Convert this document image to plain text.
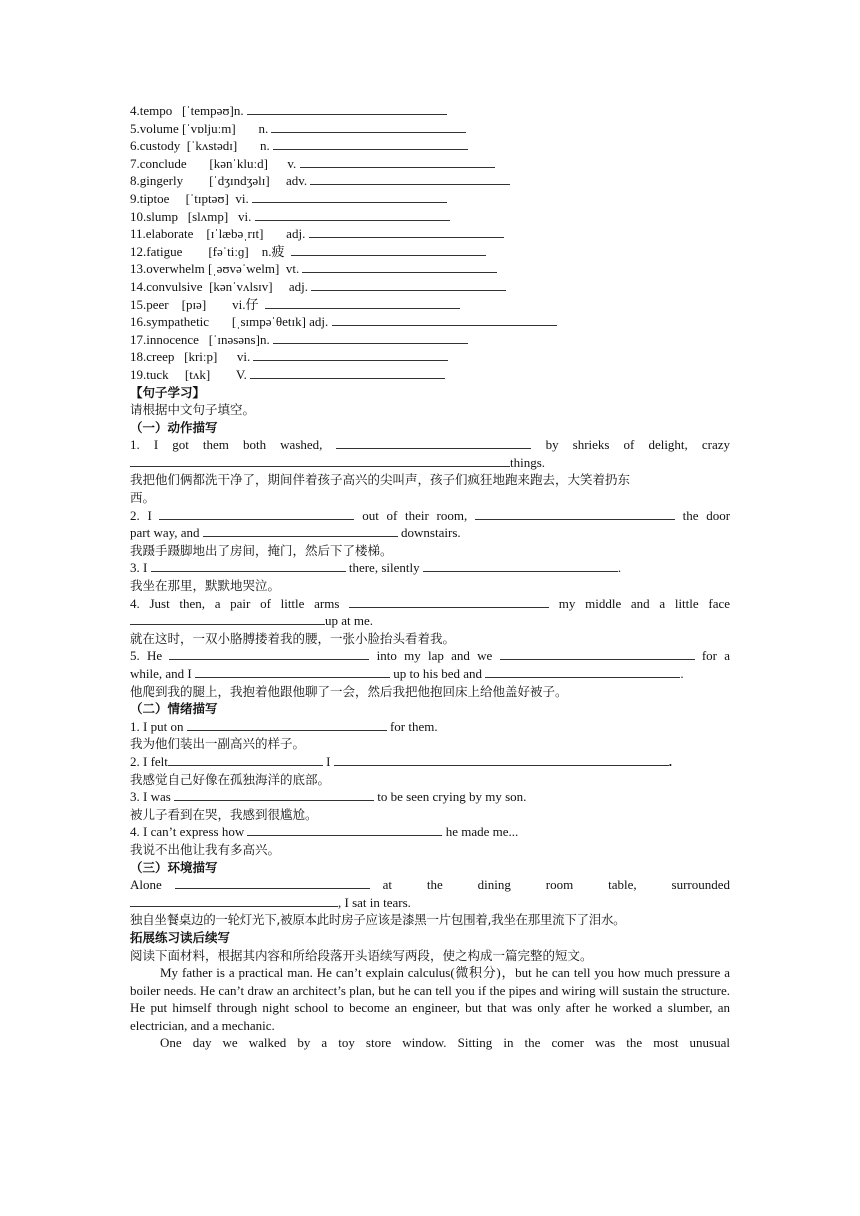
4.tempo   [ˈtempəʊ]n.
5.volume [ˈvɒljuːm]       n.
6.custody  [ˈkʌstədɪ]       n.
7.conclude       [kənˈkluːd]      v.
8.gingerly        [ˈdʒɪndʒəlɪ]     adv.
9.tiptoe     [ˈtɪptəʊ]  vi.
10.slump   [slʌmp]   vi.
11.elaborate    [ɪˈlæbəˌrɪt]       adj.
12.fatigue        [fəˈtiːɡ]    n.疲
13.overwhelm [ˌəʊvəˈwelm]  vt.
14.convulsive  [kənˈvʌlsɪv]     adj.
15.peer    [pɪə]        vi.仔
16.sympathetic       [ˌsɪmpəˈθetɪk] adj.
17.innocence   [ˈɪnəsəns]n.
18.creep   [kriːp]      vi.
19.tuck     [tʌk]        V.
【句子学习】
请根据中文句子填空。
（一）动作描写
1. I got them both washed,	by shrieks of delight, crazy
things.
我把他们俩都洗干净了，期间伴着孩子高兴的尖叫声，孩子们疯狂地跑来跑去，大笑着扔东
西。
2. I	out of their room,	the door
part way, and	downstairs.
我蹑手蹑脚地出了房间，掩门，然后下了楼梯。
3. I	there, silently	.
我坐在那里，默默地哭泣。
4. Just then, a pair of little arms	my middle and a little face
up at me.
就在这时，一双小胳膊搂着我的腰，一张小脸抬头看着我。
5. He	into my lap and we	for a
while, and I	up to his bed and	.
他爬到我的腿上，我抱着他跟他聊了一会，然后我把他抱回床上给他盖好被子。
（二）情绪描写
1. I put on	for them.
我为他们装出一副高兴的样子。
2. I felt	I	.
我感觉自己好像在孤独海洋的底部。
3. I was	to be seen crying by my son.
被儿子看到在哭，我感到很尴尬。
4. I can’t express how	he made me...
我说不出他让我有多高兴。
（三）环境描写
Alone	at the dining room table, surrounded
, I sat in tears.
独自坐餐桌边的一轮灯光下,被原本此时房子应该是漆黑一片包围着,我坐在那里流下了泪水。
拓展练习读后续写
阅读下面材料，根据其内容和所给段落开头语续写两段，使之构成一篇完整的短文。
My father is a practical man. He can’t explain calculus(微积分)，but he can tell you how much pressure a boiler needs. He can’t draw an architect’s plan, but he can tell you if the pipes and wiring will sustain the structure. He put himself through night school to become an engineer, but that was only after he worked a slumber, an electrician, and a mechanic.
One day we walked by a toy store window. Sitting in the comer was the most unusual
